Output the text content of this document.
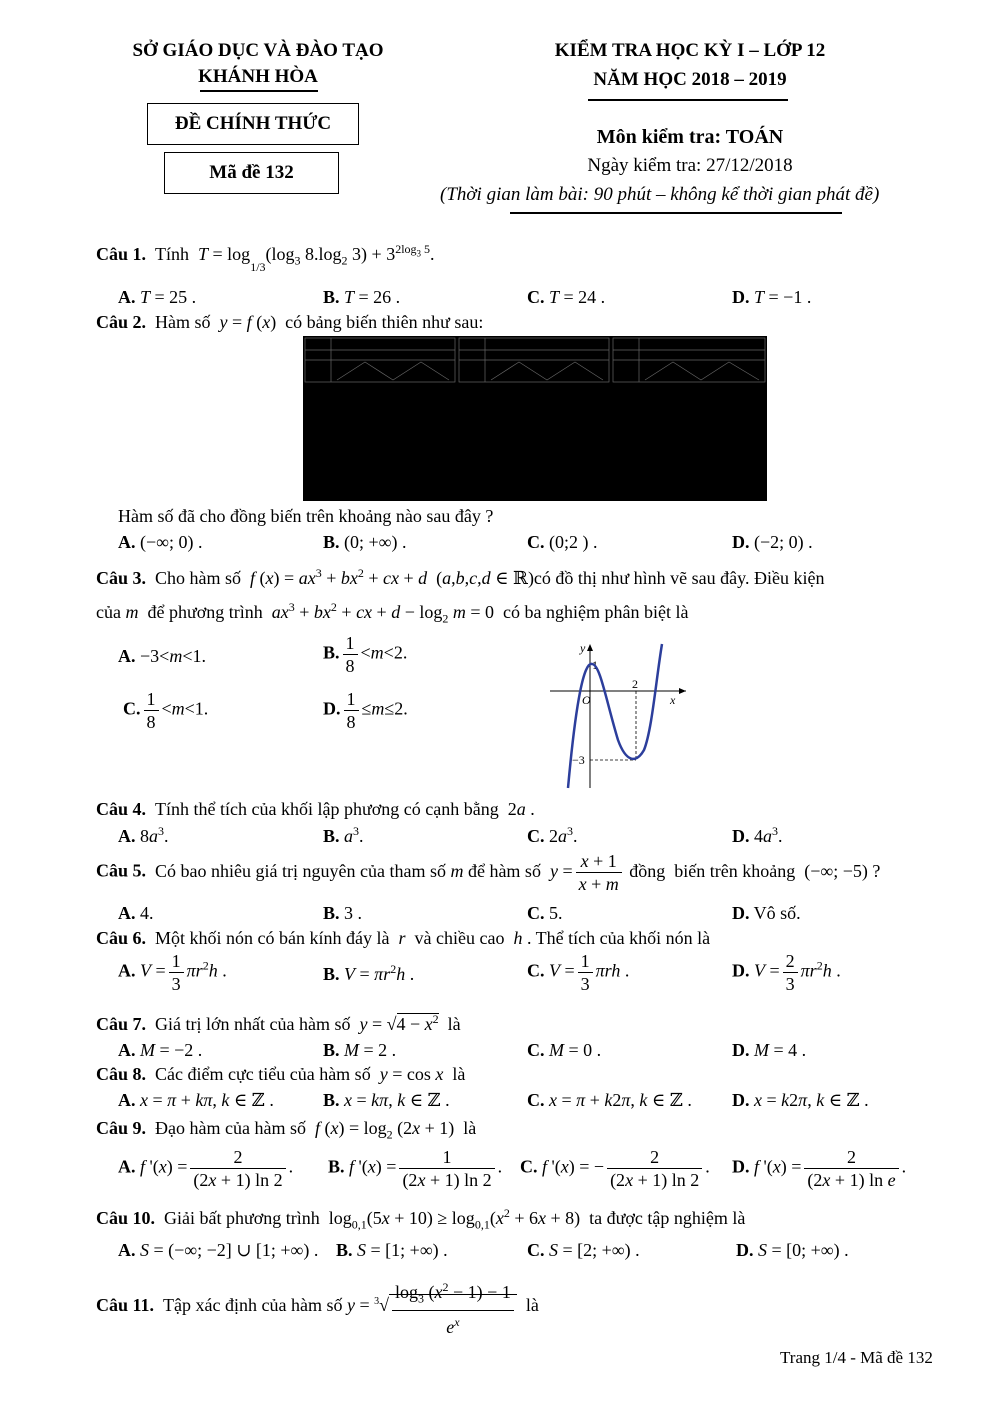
SỞ GIÁO DỤC VÀ ĐÀO TẠO
KHÁNH HÒA
KIỂM TRA HỌC KỲ I – LỚP 12
NĂM HỌC 2018 – 2019
ĐỀ CHÍNH THỨC
Mã đề 132
Môn kiểm tra: TOÁN
Ngày kiểm tra: 27/12/2018
(Thời gian làm bài: 90 phút – không kể thời gian phát đề)
Câu 1.  Tính  $T = \log_{1/3}(\log_3$ $8.\log_2$ $3) + 3^{2log_3 5}$.
A. T = 25 .	B. T = 26 .	C. T = 24 .	D. T = −1 .
Câu 2.  Hàm số  y = f (x)  có bảng biến thiên như sau:
Hàm số đã cho đồng biến trên khoảng nào sau đây ?
A. (−∞; 0) .	B. (0; +∞) .	C. (0;2 ) .	D. (−2; 0) .
Câu 3.  Cho hàm số  f $(x) = ax^3 + bx^2$ + cx + d  (a,b,c,d ∈ ℝ)có đồ thị như hình vẽ sau đây. Điều kiện
của m  để phương trình  $ax^3 + bx^2$ + cx + $d - \log_2 m = 0$  có ba nghiệm phân biệt là
A. −3<m<1.	B. $\frac{1}{8} <m<2$.
C. $\frac{1}{8} <m<1$.	D. $\frac{1}{8} \le m\le 2$.
y
x
O
1
2
−3
Câu 4.  Tính thể tích của khối lập phương có cạnh bằng  2a .
A. $8a^3$.	B. $a^3$.	C. $2a^3$.	D. $4a^3$.
Câu 5.  Có bao nhiêu giá trị nguyên của tham số m để hàm số  $y = \frac{x + 1}{x + m}$ đồng  biến trên khoảng  (−∞; −5) ?
A. 4.	B. 3 .	C. 5.	D. Vô số.
Câu 6.  Một khối nón có bán kính đáy là  r  và chiều cao  h . Thể tích của khối nón là
A. $V = \frac{1}{3} \pi r^2h$ .	B. $V = \pi r^2h$ .	C. $V = \frac{1}{3}$ πrh .	D. $V = \frac{2}{3} \pi r^2h$ .
Câu 7.  Giá trị lớn nhất của hàm số  $y = √4 - x^2$  là
A. M = −2 .	B. M = 2 .	C. M = 0 .	D. M = 4 .
Câu 8.  Các điểm cực tiểu của hàm số  y = cos x  là
A. x = π + kπ, k ∈ ℤ .	B. x = kπ, k ∈ ℤ .	C. x = π + k2π, k ∈ ℤ . D. x = k2π, k ∈ ℤ .
Câu 9.  Đạo hàm của hàm số  f $(x) = \log_2 (2x + 1)$  là
A. f '$(x) = \frac{2}{(2x + 1) \ln 2}$ . B. f '$(x) = \frac{1}{(2x + 1) \ln 2}$ . C. f '(x) = − $\frac{2}{(2x + 1) \ln 2}$ . D. f '$(x) = \frac{2}{\text{(2x + 1) ln e}}$ .
Câu 10.  Giải bất phương trình  $\log_{0,1}(5x + 10) \ge \log_{0,1}(x^2 + 6x + 8)$  ta được tập nghiệm là
A. S = (−∞; −2] ∪ [1; +∞) . B. S = [1; +∞) .	C. S = [2; +∞) .	D. S = [0; +∞) .
Câu 11.  Tập xác định của hàm số $y = ^3√ \frac{\log_3 (x^2 - 1) - 1}{e^x}$ là
Trang 1/4 - Mã đề 132
